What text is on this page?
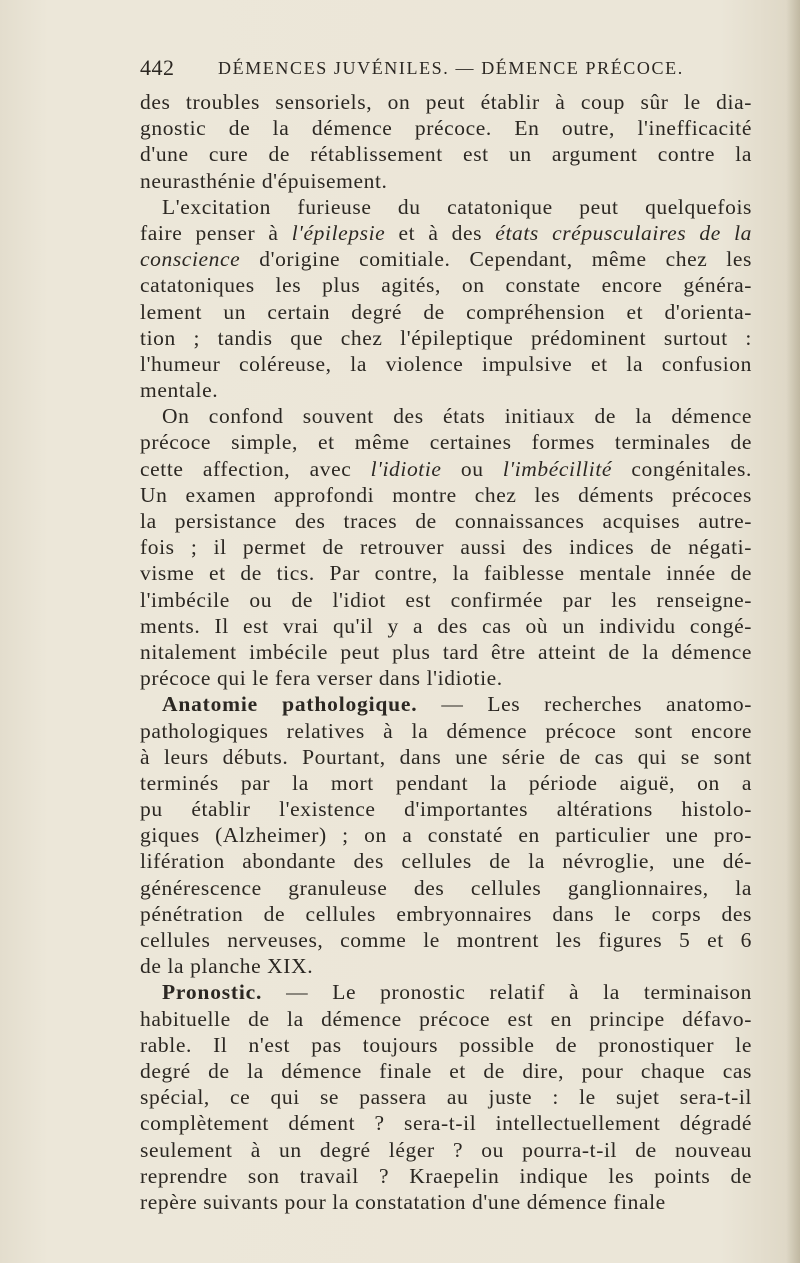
442 DÉMENCES JUVÉNILES. — DÉMENCE PRÉCOCE.
des troubles sensoriels, on peut établir à coup sûr le dia-
gnostic de la démence précoce. En outre, l'inefficacité
d'une cure de rétablissement est un argument contre la
neurasthénie d'épuisement.
L'excitation furieuse du catatonique peut quelquefois
faire penser à l'épilepsie et à des états crépusculaires de la
conscience d'origine comitiale. Cependant, même chez les
catatoniques les plus agités, on constate encore généra-
lement un certain degré de compréhension et d'orienta-
tion ; tandis que chez l'épileptique prédominent surtout :
l'humeur coléreuse, la violence impulsive et la confusion
mentale.
On confond souvent des états initiaux de la démence
précoce simple, et même certaines formes terminales de
cette affection, avec l'idiotie ou l'imbécillité congénitales.
Un examen approfondi montre chez les déments précoces
la persistance des traces de connaissances acquises autre-
fois ; il permet de retrouver aussi des indices de négati-
visme et de tics. Par contre, la faiblesse mentale innée de
l'imbécile ou de l'idiot est confirmée par les renseigne-
ments. Il est vrai qu'il y a des cas où un individu congé-
nitalement imbécile peut plus tard être atteint de la démence
précoce qui le fera verser dans l'idiotie.
Anatomie pathologique. — Les recherches anatomo-
pathologiques relatives à la démence précoce sont encore
à leurs débuts. Pourtant, dans une série de cas qui se sont
terminés par la mort pendant la période aiguë, on a
pu établir l'existence d'importantes altérations histolo-
giques (Alzheimer) ; on a constaté en particulier une pro-
lifération abondante des cellules de la névroglie, une dé-
générescence granuleuse des cellules ganglionnaires, la
pénétration de cellules embryonnaires dans le corps des
cellules nerveuses, comme le montrent les figures 5 et 6
de la planche XIX.
Pronostic. — Le pronostic relatif à la terminaison
habituelle de la démence précoce est en principe défavo-
rable. Il n'est pas toujours possible de pronostiquer le
degré de la démence finale et de dire, pour chaque cas
spécial, ce qui se passera au juste : le sujet sera-t-il
complètement dément ? sera-t-il intellectuellement dégradé
seulement à un degré léger ? ou pourra-t-il de nouveau
reprendre son travail ? Kraepelin indique les points de
repère suivants pour la constatation d'une démence finale
